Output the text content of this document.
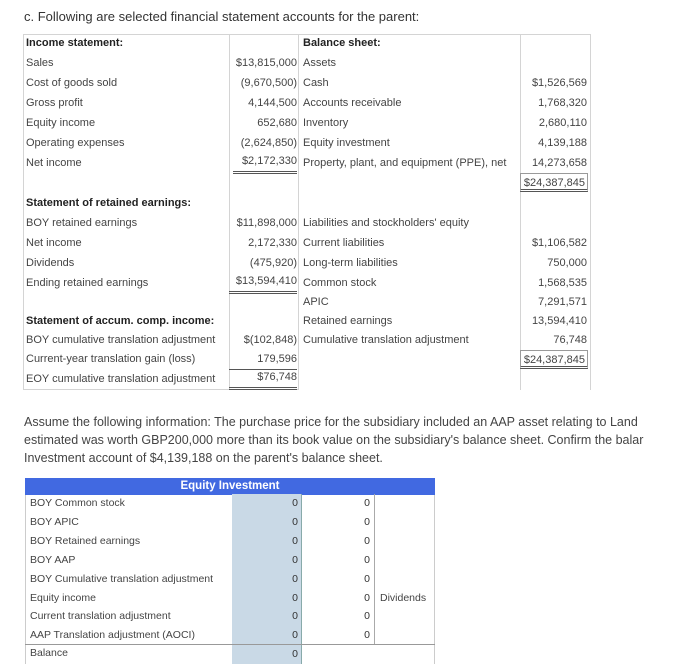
c. Following are selected financial statement accounts for the parent:
Income statement:	Balance sheet:
Sales	$13,815,000
Cost of goods sold	(9,670,500)
Gross profit	4,144,500
Equity income	652,680
Operating expenses	(2,624,850)
Net income	$2,172,330
Assets
Cash	$1,526,569
Accounts receivable	1,768,320
Inventory	2,680,110
Equity investment	4,139,188
Property, plant, and equipment (PPE), net	14,273,658
$24,387,845
Liabilities and stockholders' equity
Current liabilities	$1,106,582
Long-term liabilities	750,000
Common stock	1,568,535
APIC	7,291,571
Retained earnings	13,594,410
Cumulative translation adjustment	76,748
$24,387,845
Statement of retained earnings:
BOY retained earnings	$11,898,000
Net income	2,172,330
Dividends	(475,920)
Ending retained earnings	$13,594,410
Statement of accum. comp. income:
BOY cumulative translation adjustment	$(102,848)
Current-year translation gain (loss)	179,596
EOY cumulative translation adjustment	$76,748
Assume the following information: The purchase price for the subsidiary included an AAP asset relating to Land
estimated was worth GBP200,000 more than its book value on the subsidiary's balance sheet. Confirm the balar
Investment account of $4,139,188 on the parent's balance sheet.
Equity Investment
BOY Common stock	0	0
BOY APIC	0	0
BOY Retained earnings	0	0
BOY AAP	0	0
BOY Cumulative translation adjustment	0	0
Equity income	0	0 Dividends
Current translation adjustment	0	0
AAP Translation adjustment (AOCI)	0	0
Balance	0
